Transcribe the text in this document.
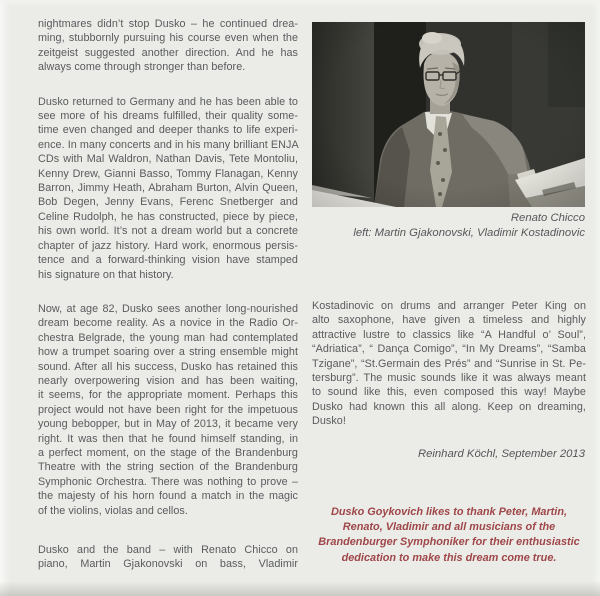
nightmares didn’t stop Dusko – he continued drea-
ming, stubbornly pursuing his course even when the
zeitgeist suggested another direction. And he has
always come through stronger than before.
Dusko returned to Germany and he has been able to
see more of his dreams fulfilled, their quality some-
time even changed and deeper thanks to life experi-
ence. In many concerts and in his many brilliant ENJA
CDs with Mal Waldron, Nathan Davis, Tete Montoliu,
Kenny Drew, Gianni Basso, Tommy Flanagan, Kenny
Barron, Jimmy Heath, Abraham Burton, Alvin Queen,
Bob Degen, Jenny Evans, Ferenc Snetberger and
Celine Rudolph, he has constructed, piece by piece,
his own world. It’s not a dream world but a concrete
chapter of jazz history. Hard work, enormous persis-
tence and a forward-thinking vision have stamped
his signature on that history.
Now, at age 82, Dusko sees another long-nourished
dream become reality. As a novice in the Radio Or-
chestra Belgrade, the young man had contemplated
how a trumpet soaring over a string ensemble might
sound. After all his success, Dusko has retained this
nearly overpowering vision and has been waiting,
it seems, for the appropriate moment. Perhaps this
project would not have been right for the impetuous
young bebopper, but in May of 2013, it became very
right. It was then that he found himself standing, in
a perfect moment, on the stage of the Brandenburg
Theatre with the string section of the Brandenburg
Symphonic Orchestra. There was nothing to prove –
the majesty of his horn found a match in the magic
of the violins, violas and cellos.
Dusko and the band – with Renato Chicco on
piano, Martin Gjakonovski on bass, Vladimir
Renato Chicco
left: Martin Gjakonovski, Vladimir Kostadinovic
Kostadinovic on drums and arranger Peter King on
alto saxophone, have given a timeless and highly
attractive lustre to classics like “A Handful o’ Soul”,
“Adriatica”, “ Dança Comigo”, “In My Dreams”, “Samba
Tzigane”, “St.Germain des Prés” and “Sunrise in St. Pe-
tersburg”. The music sounds like it was always meant
to sound like this, even composed this way! Maybe
Dusko had known this all along. Keep on dreaming,
Dusko!
Reinhard Köchl, September 2013
Dusko Goykovich likes to thank Peter, Martin,
Renato, Vladimir and all musicians of the
Brandenburger Symphoniker for their enthusiastic
dedication to make this dream come true.
